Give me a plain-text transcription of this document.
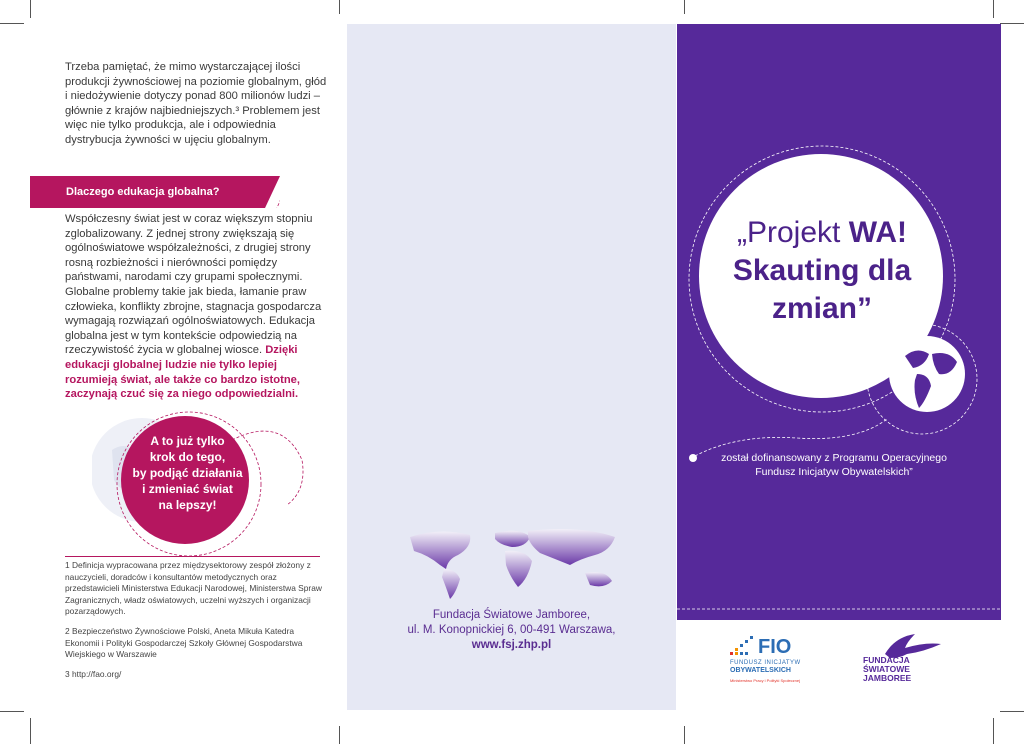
Trzeba pamiętać, że mimo wystarczającej ilości produkcji żywnościowej na poziomie globalnym, głód i niedożywienie dotyczy ponad 800 milionów ludzi – głównie z krajów najbiedniejszych.³ Problemem jest więc nie tylko produkcja, ale i odpowiednia dystrybucja żywności w ujęciu globalnym.
Dlaczego edukacja globalna?
Współczesny świat jest w coraz większym stopniu zglobalizowany. Z jednej strony zwiększają się ogólnoświatowe współzależności, z drugiej strony rosną rozbieżności i nierówności pomiędzy państwami, narodami czy grupami społecznymi. Globalne problemy takie jak bieda, łamanie praw człowieka, konflikty zbrojne, stagnacja gospodarcza wymagają rozwiązań ogólnoświatowych. Edukacja globalna jest w tym kontekście odpowiedzią na rzeczywistość życia w globalnej wiosce. Dzięki edukacji globalnej ludzie nie tylko lepiej rozumieją świat, ale także co bardzo istotne, zaczynają czuć się za niego odpowiedzialni.
A to już tylko
krok do tego,
by podjąć działania
i zmieniać świat
na lepszy!

1 Definicja wypracowana przez międzysektorowy zespół złożony z nauczycieli, doradców i konsultantów metodycznych oraz przedstawicieli Ministerstwa Edukacji Narodowej, Ministerstwa Spraw Zagranicznych, władz oświatowych, uczelni wyższych i organizacji pozarządowych.

2 Bezpieczeństwo Żywnościowe Polski, Aneta Mikuła Katedra Ekonomii i Polityki Gospodarczej Szkoły Głównej Gospodarstwa Wiejskiego w Warszawie

3 http://fao.org/

Fundacja Światowe Jamboree,
ul. M. Konopnickiej 6, 00-491 Warszawa,
www.fsj.zhp.pl
„Projekt WA!
Skauting dla
zmian”
został dofinansowany z Programu Operacyjnego
Fundusz Inicjatyw Obywatelskich”
FIO
FUNDUSZ INICJATYW
OBYWATELSKICH
Ministerstwo Pracy i Polityki Społecznej
FUNDACJA
ŚWIATOWE
JAMBOREE
